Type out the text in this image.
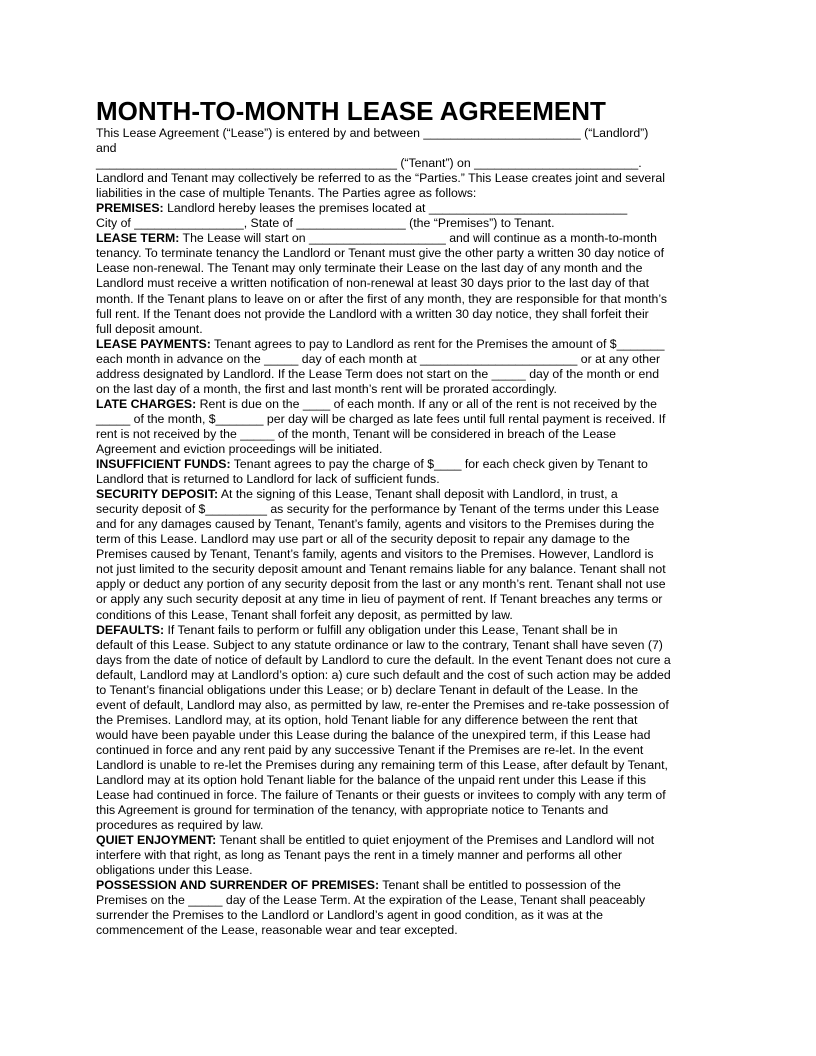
MONTH-TO-MONTH LEASE AGREEMENT
This Lease Agreement (“Lease”) is entered by and between _______________________ (“Landlord”)
and
____________________________________________ (“Tenant”) on ________________________.
Landlord and Tenant may collectively be referred to as the “Parties.” This Lease creates joint and several
liabilities in the case of multiple Tenants. The Parties agree as follows:
PREMISES: Landlord hereby leases the premises located at _____________________________
City of ________________, State of ________________ (the “Premises”) to Tenant.
LEASE TERM: The Lease will start on ____________________ and will continue as a month-to-month
tenancy. To terminate tenancy the Landlord or Tenant must give the other party a written 30 day notice of
Lease non-renewal. The Tenant may only terminate their Lease on the last day of any month and the
Landlord must receive a written notification of non-renewal at least 30 days prior to the last day of that
month. If the Tenant plans to leave on or after the first of any month, they are responsible for that month’s
full rent. If the Tenant does not provide the Landlord with a written 30 day notice, they shall forfeit their
full deposit amount.
LEASE PAYMENTS: Tenant agrees to pay to Landlord as rent for the Premises the amount of $_______
each month in advance on the _____ day of each month at _______________________ or at any other
address designated by Landlord. If the Lease Term does not start on the _____ day of the month or end
on the last day of a month, the first and last month’s rent will be prorated accordingly.
LATE CHARGES: Rent is due on the ____ of each month. If any or all of the rent is not received by the
_____ of the month, $_______ per day will be charged as late fees until full rental payment is received. If
rent is not received by the _____ of the month, Tenant will be considered in breach of the Lease
Agreement and eviction proceedings will be initiated.
INSUFFICIENT FUNDS: Tenant agrees to pay the charge of $____ for each check given by Tenant to
Landlord that is returned to Landlord for lack of sufficient funds.
SECURITY DEPOSIT: At the signing of this Lease, Tenant shall deposit with Landlord, in trust, a
security deposit of $_________ as security for the performance by Tenant of the terms under this Lease
and for any damages caused by Tenant, Tenant’s family, agents and visitors to the Premises during the
term of this Lease. Landlord may use part or all of the security deposit to repair any damage to the
Premises caused by Tenant, Tenant’s family, agents and visitors to the Premises. However, Landlord is
not just limited to the security deposit amount and Tenant remains liable for any balance. Tenant shall not
apply or deduct any portion of any security deposit from the last or any month’s rent. Tenant shall not use
or apply any such security deposit at any time in lieu of payment of rent. If Tenant breaches any terms or
conditions of this Lease, Tenant shall forfeit any deposit, as permitted by law.
DEFAULTS: If Tenant fails to perform or fulfill any obligation under this Lease, Tenant shall be in
default of this Lease. Subject to any statute ordinance or law to the contrary, Tenant shall have seven (7)
days from the date of notice of default by Landlord to cure the default. In the event Tenant does not cure a
default, Landlord may at Landlord’s option: a) cure such default and the cost of such action may be added
to Tenant’s financial obligations under this Lease; or b) declare Tenant in default of the Lease. In the
event of default, Landlord may also, as permitted by law, re-enter the Premises and re-take possession of
the Premises. Landlord may, at its option, hold Tenant liable for any difference between the rent that
would have been payable under this Lease during the balance of the unexpired term, if this Lease had
continued in force and any rent paid by any successive Tenant if the Premises are re-let. In the event
Landlord is unable to re-let the Premises during any remaining term of this Lease, after default by Tenant,
Landlord may at its option hold Tenant liable for the balance of the unpaid rent under this Lease if this
Lease had continued in force. The failure of Tenants or their guests or invitees to comply with any term of
this Agreement is ground for termination of the tenancy, with appropriate notice to Tenants and
procedures as required by law.
QUIET ENJOYMENT: Tenant shall be entitled to quiet enjoyment of the Premises and Landlord will not
interfere with that right, as long as Tenant pays the rent in a timely manner and performs all other
obligations under this Lease.
POSSESSION AND SURRENDER OF PREMISES: Tenant shall be entitled to possession of the
Premises on the _____ day of the Lease Term. At the expiration of the Lease, Tenant shall peaceably
surrender the Premises to the Landlord or Landlord’s agent in good condition, as it was at the
commencement of the Lease, reasonable wear and tear excepted.
